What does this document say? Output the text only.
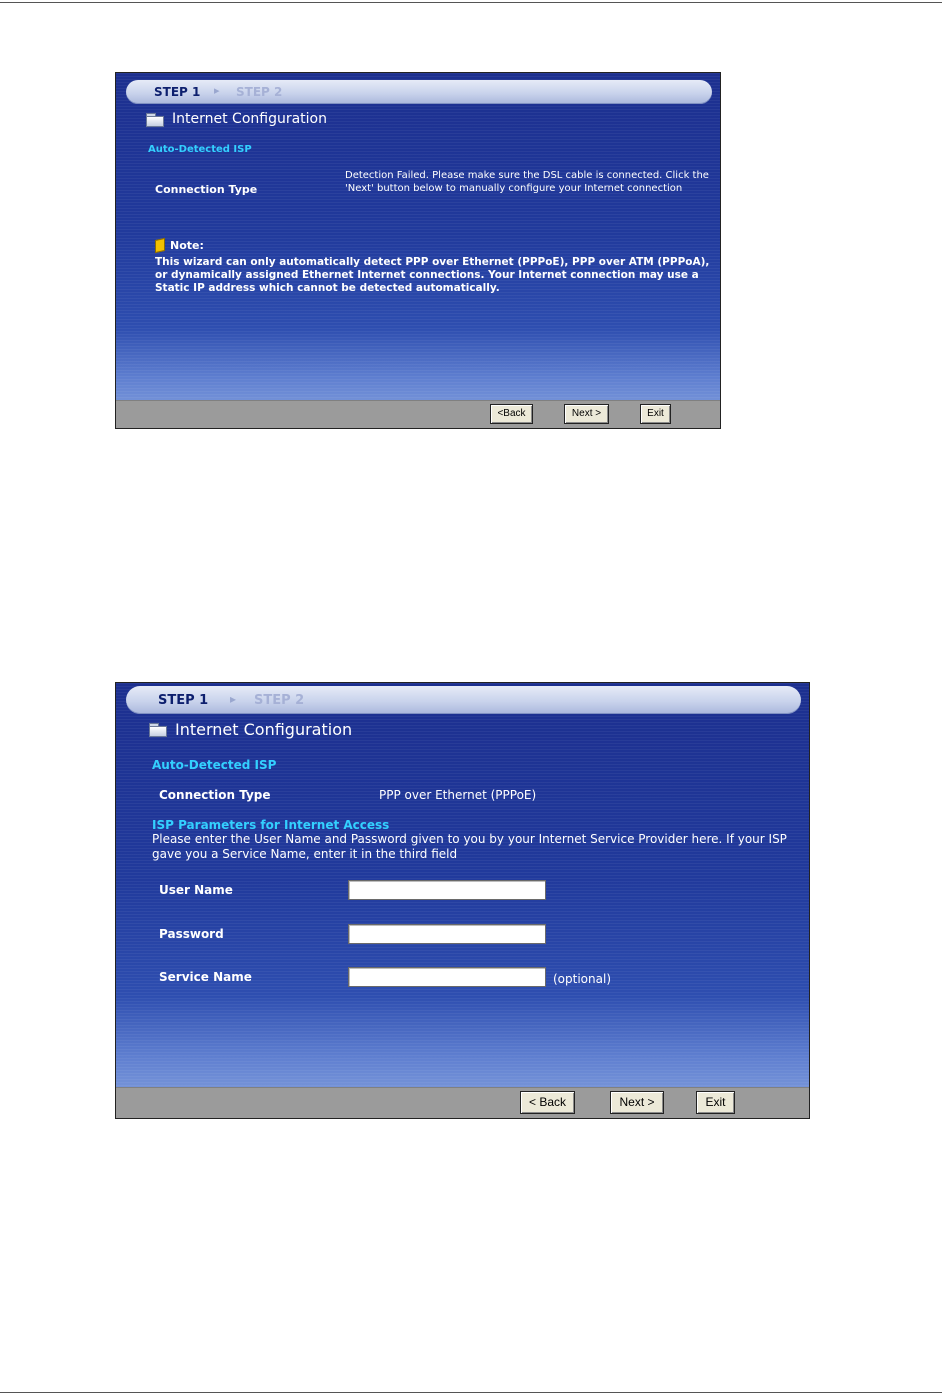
STEP 1 ▸ STEP 2
Internet Configuration
Auto-Detected ISP
Connection Type
Detection Failed. Please make sure the DSL cable is connected. Click the 'Next' button below to manually configure your Internet connection
Note:
This wizard can only automatically detect PPP over Ethernet (PPPoE), PPP over ATM (PPPoA), or dynamically assigned Ethernet Internet connections. Your Internet connection may use a Static IP address which cannot be detected automatically.
<Back	Next >	Exit
STEP 1 ▸ STEP 2
Internet Configuration
Auto-Detected ISP
Connection Type	PPP over Ethernet (PPPoE)
ISP Parameters for Internet Access
Please enter the User Name and Password given to you by your Internet Service Provider here. If your ISP gave you a Service Name, enter it in the third field
User Name
Password
Service Name	(optional)
< Back	Next >	Exit
